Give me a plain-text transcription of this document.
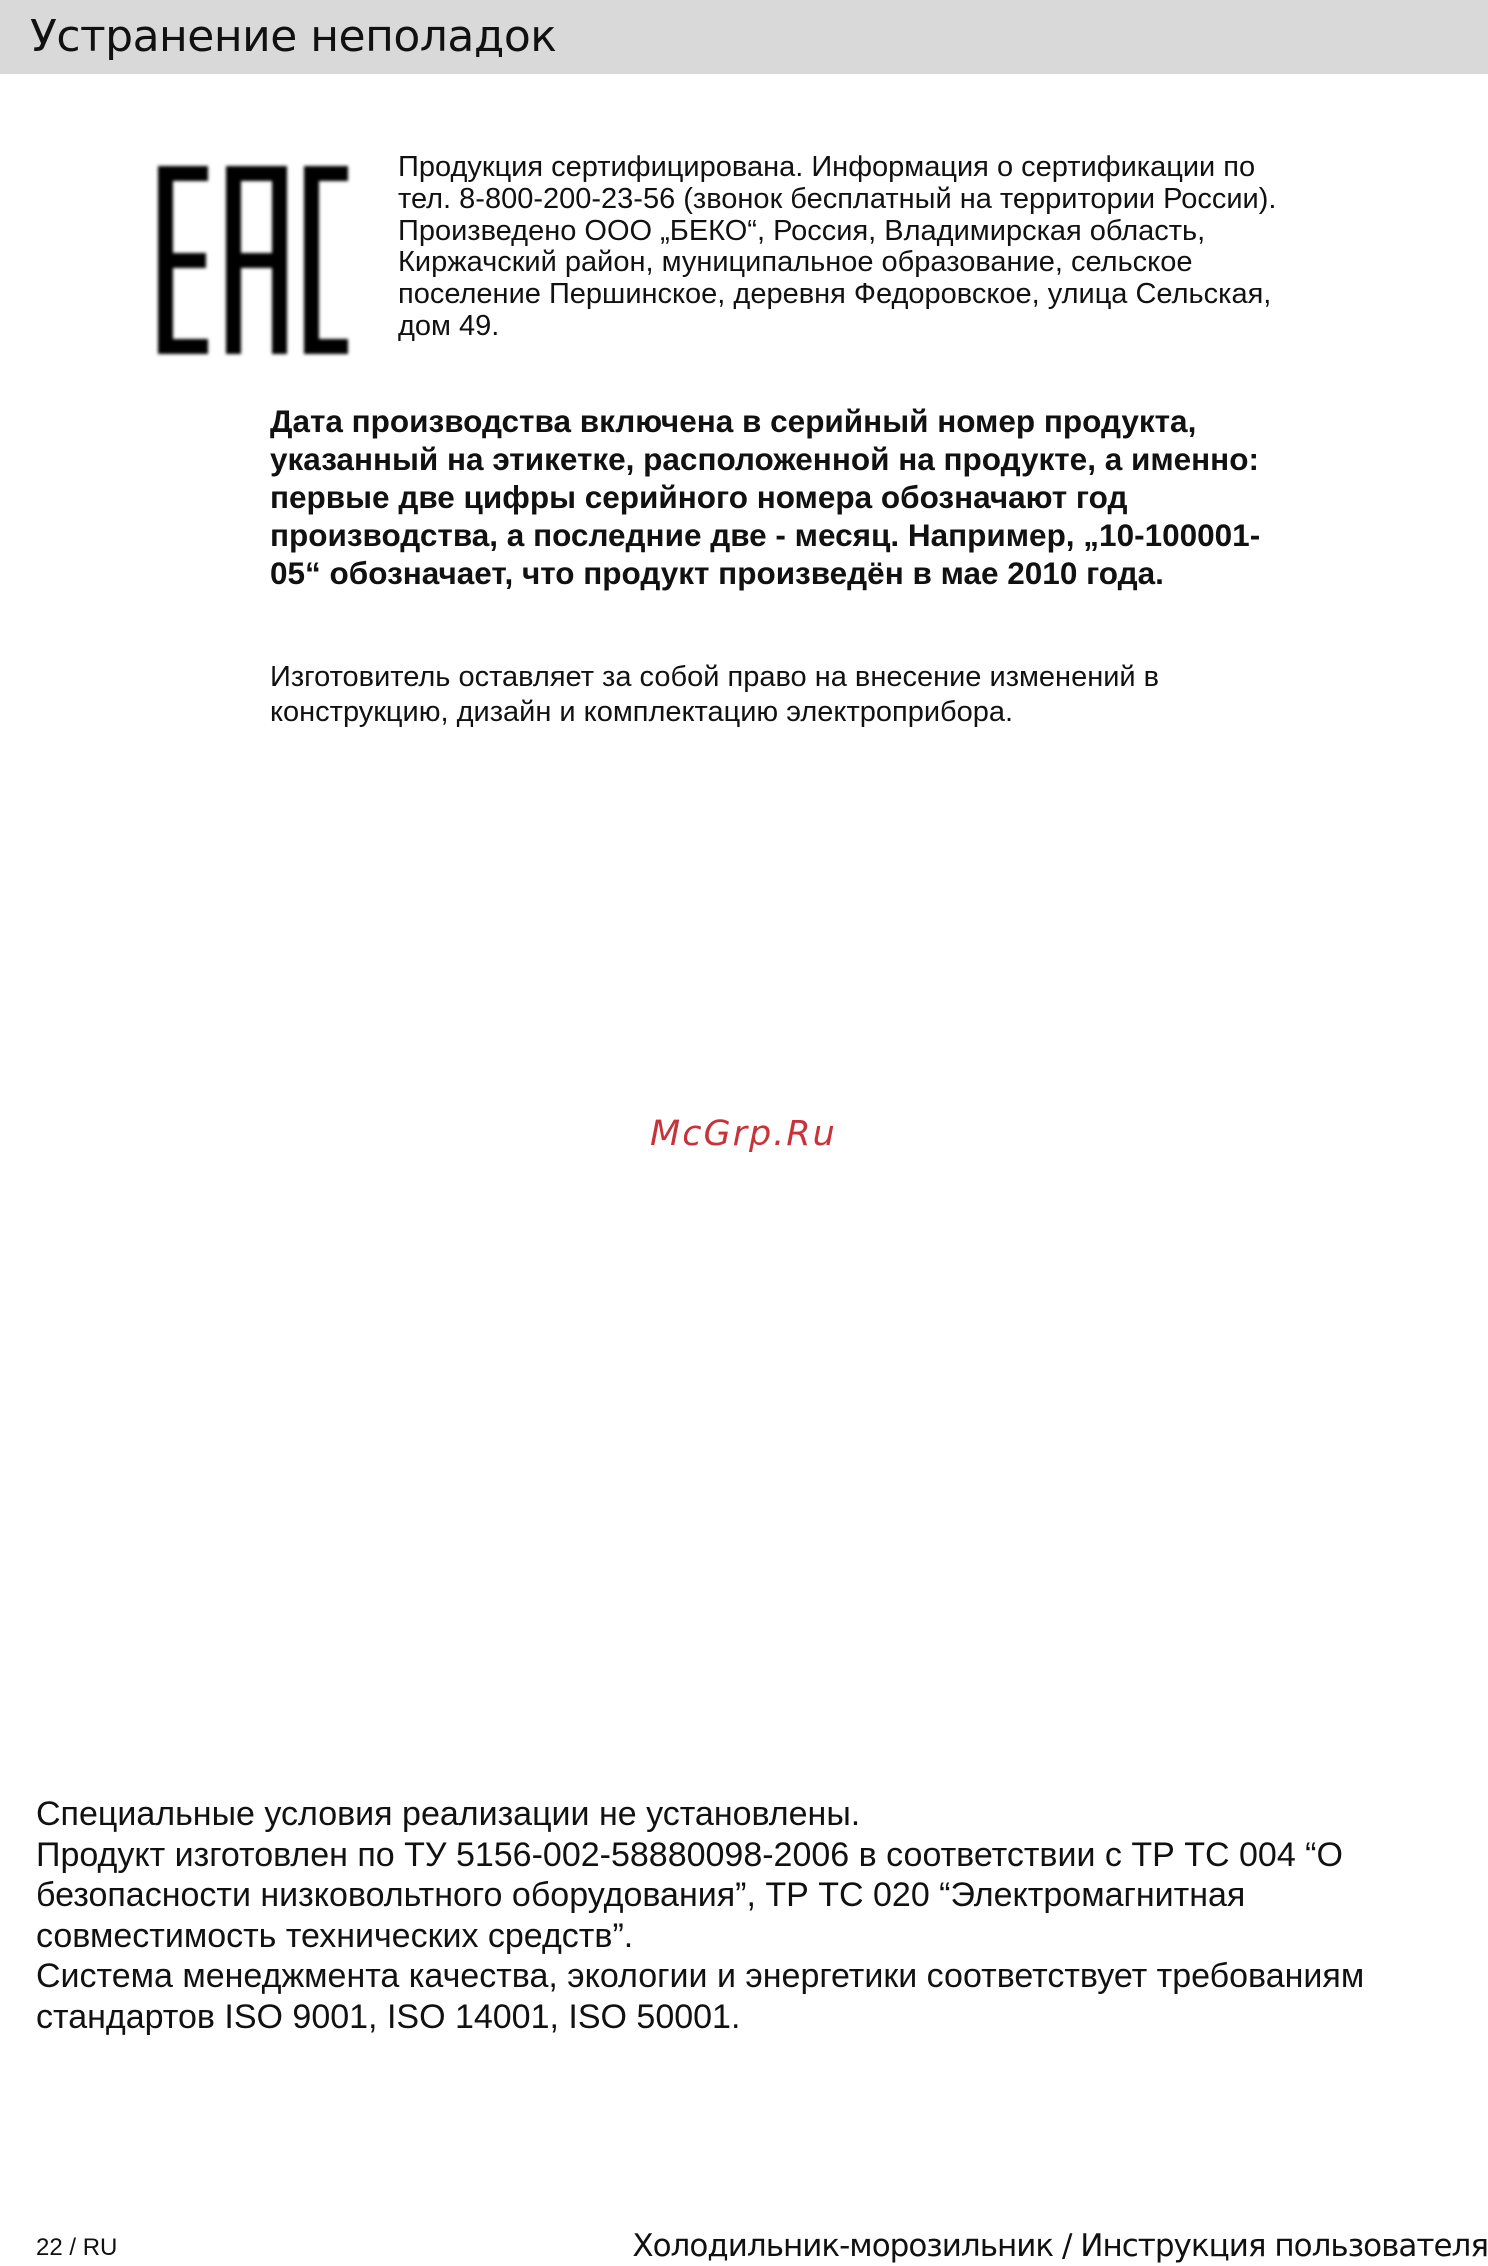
Устранение неполадок
Продукция сертифицирована. Информация о сертификации по тел. 8-800-200-23-56 (звонок бесплатный на территории России). Произведено ООО „БЕКО“, Россия, Владимирская область, Киржачский район, муниципальное образование, сельское поселение Першинское, деревня Федоровское, улица Сельская, дом 49.
Дата производства включена в серийный номер продукта, указанный на этикетке, расположенной на продукте, а именно: первые две цифры серийного номера обозначают год производства, а последние две - месяц. Например, „10-100001-05“ обозначает, что продукт произведён в мае 2010 года.
Изготовитель оставляет за собой право на внесение изменений в конструкцию, дизайн и комплектацию электроприбора.
McGrp.Ru

Специальные условия реализации не установлены.

Продукт изготовлен по ТУ 5156-002-58880098-2006 в соответствии с ТР ТС 004 “О безопасности низковольтного оборудования”, ТР ТС 020 “Электромагнитная совместимость технических средств”.

Система менеджмента качества, экологии и энергетики соответствует требованиям стандартов ISO 9001, ISO 14001, ISO 50001.

22 / RU	Холодильник-морозильник / Инструкция пользователя
